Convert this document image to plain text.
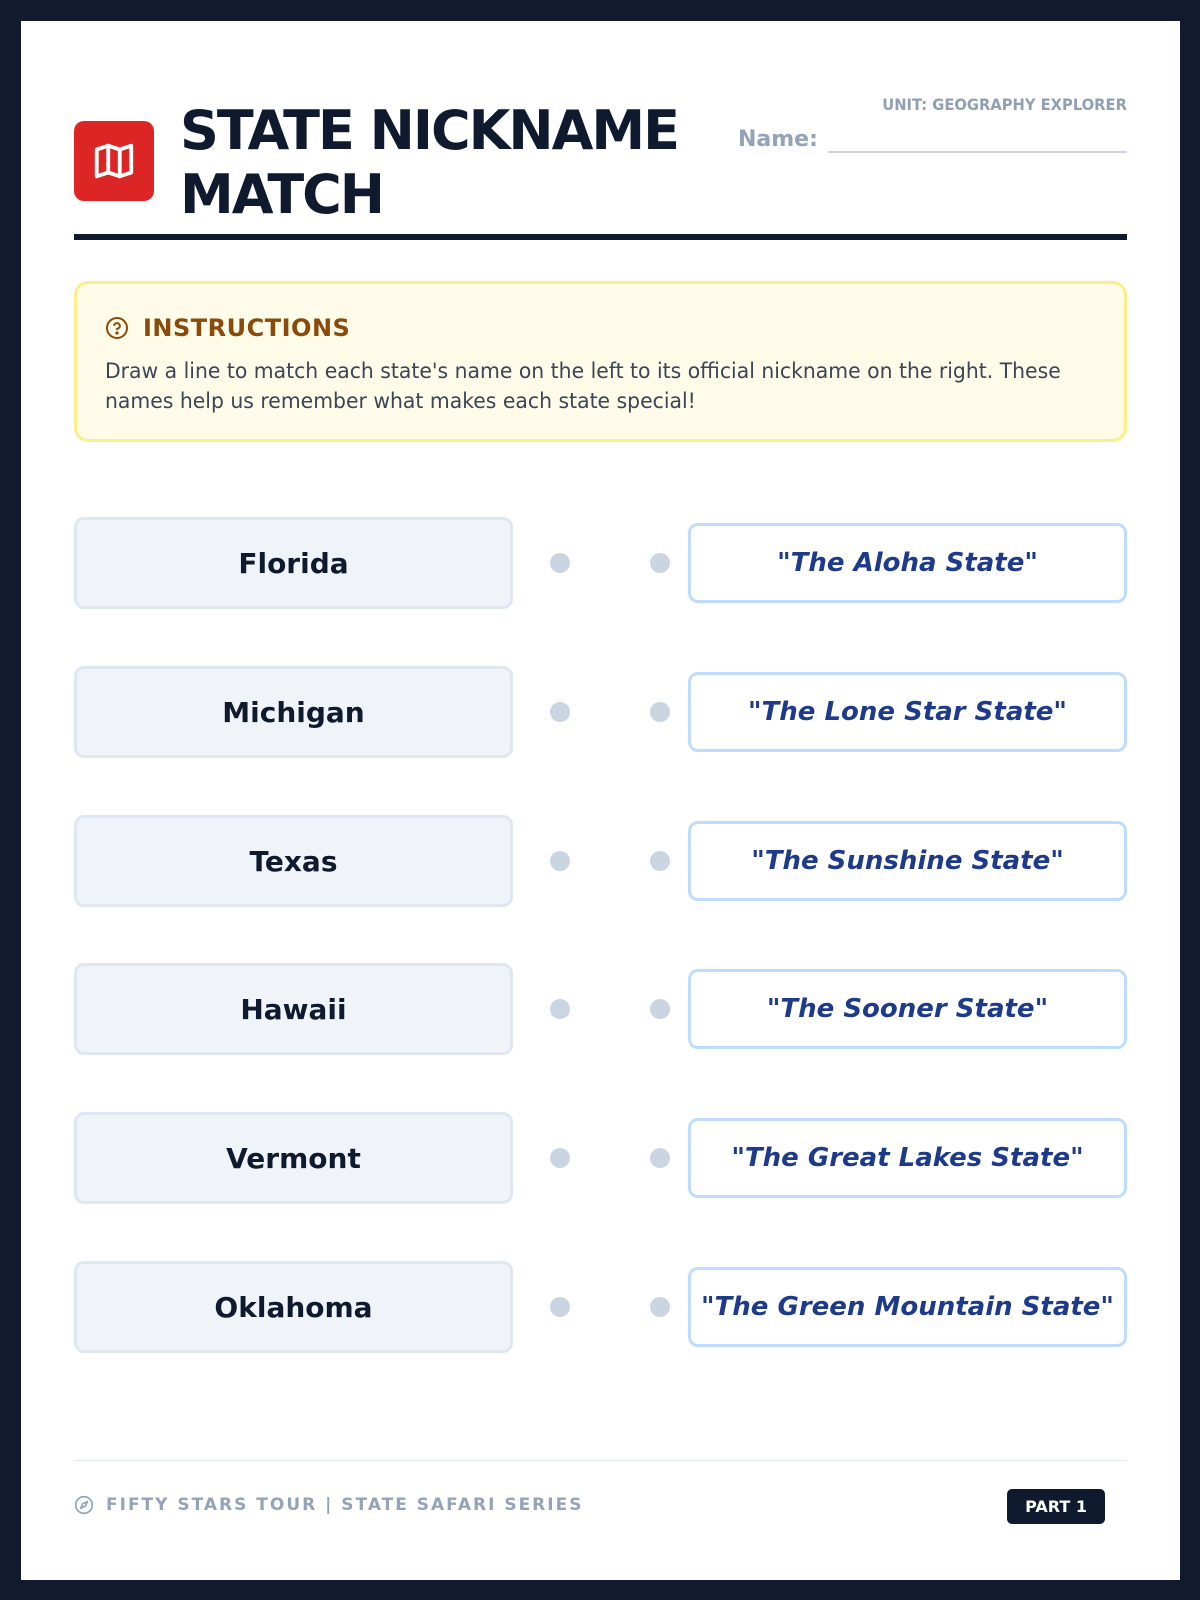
STATE NICKNAME
MATCH
UNIT: GEOGRAPHY EXPLORER
Name:
INSTRUCTIONS
Draw a line to match each state's name on the left to its official nickname on the right. These names help us remember what makes each state special!
Florida	"The Aloha State"
Michigan	"The Lone Star State"
Texas	"The Sunshine State"
Hawaii	"The Sooner State"
Vermont	"The Great Lakes State"
Oklahoma	"The Green Mountain State"
FIFTY STARS TOUR | STATE SAFARI SERIES	PART 1
